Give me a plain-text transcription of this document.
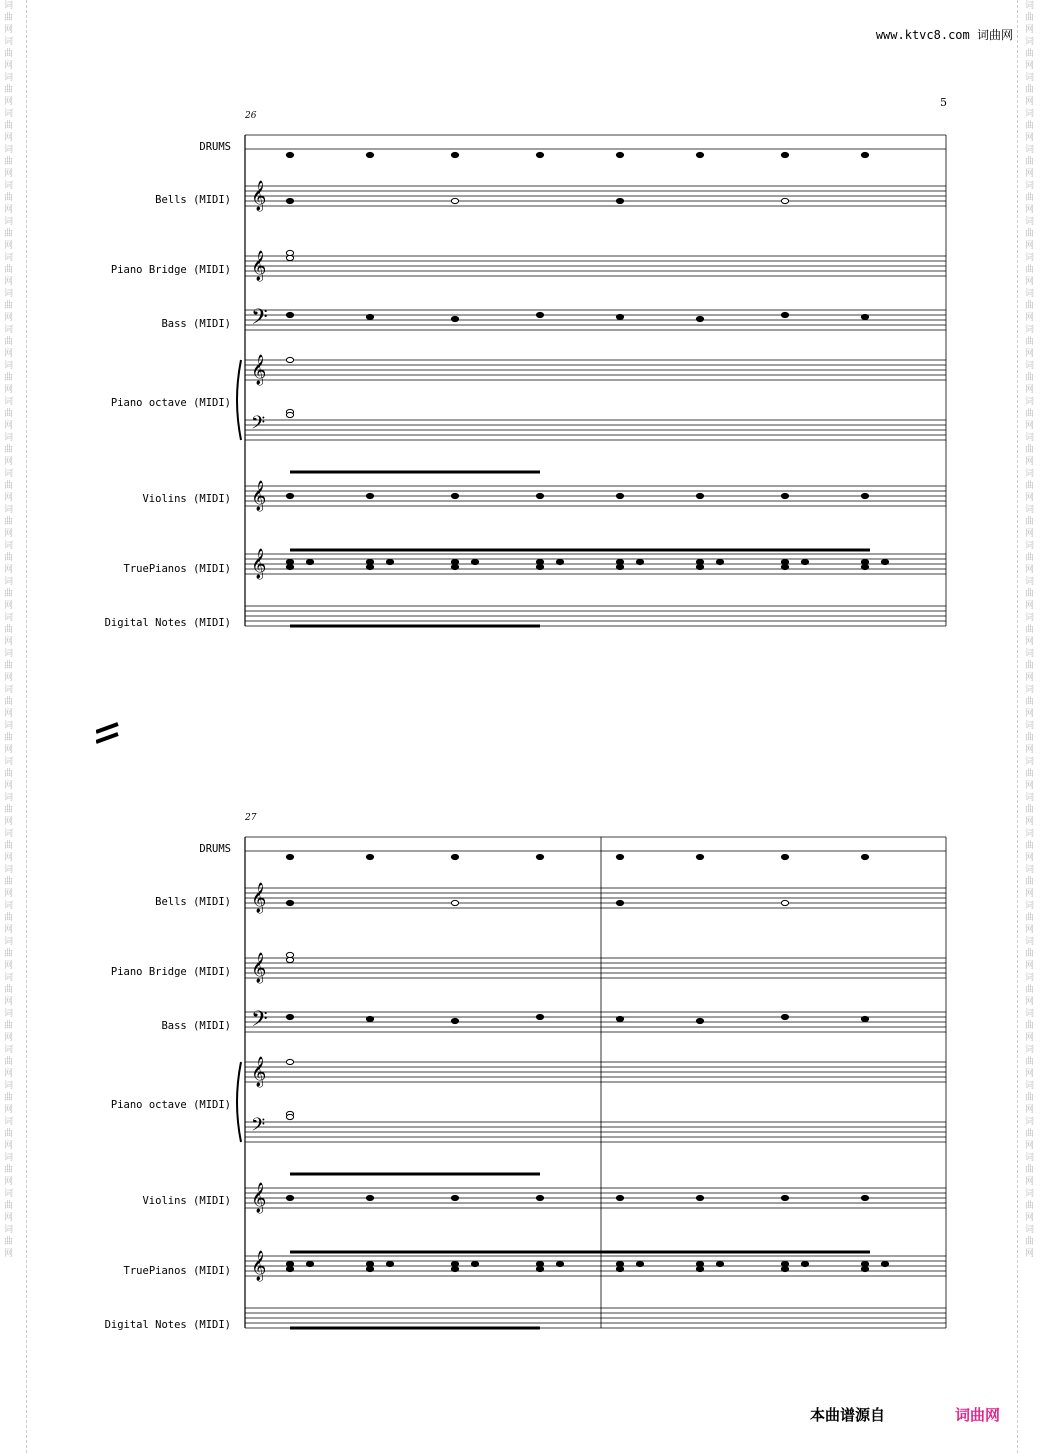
词曲网词曲网词曲网词曲网词曲网词曲网词曲网词曲网词曲网词曲网词曲网词曲网词曲网词曲网词曲网词曲网词曲网词曲网词曲网词曲网词曲网词曲网词曲网词曲网词曲网词曲网词曲网词曲网词曲网词曲网词曲网词曲网词曲网词曲网词曲网
词曲网词曲网词曲网词曲网词曲网词曲网词曲网词曲网词曲网词曲网词曲网词曲网词曲网词曲网词曲网词曲网词曲网词曲网词曲网词曲网词曲网词曲网词曲网词曲网词曲网词曲网词曲网词曲网词曲网词曲网词曲网词曲网词曲网词曲网词曲网
www.ktvc8.com 词曲网
5
26
DRUMS
Bells (MIDI)
Piano Bridge (MIDI)
Bass (MIDI)
Piano octave (MIDI)
Violins (MIDI)
TruePianos (MIDI)
Digital Notes (MIDI)
27
DRUMS
Bells (MIDI)
Piano Bridge (MIDI)
Bass (MIDI)
Piano octave (MIDI)
Violins (MIDI)
TruePianos (MIDI)
Digital Notes (MIDI)
𝄞
𝄞
𝄢
𝄞
𝄞
𝄞
𝄢
𝄞
𝄞
𝄢
𝄞
𝄞
𝄞
𝄢
本曲谱源自	词曲网
